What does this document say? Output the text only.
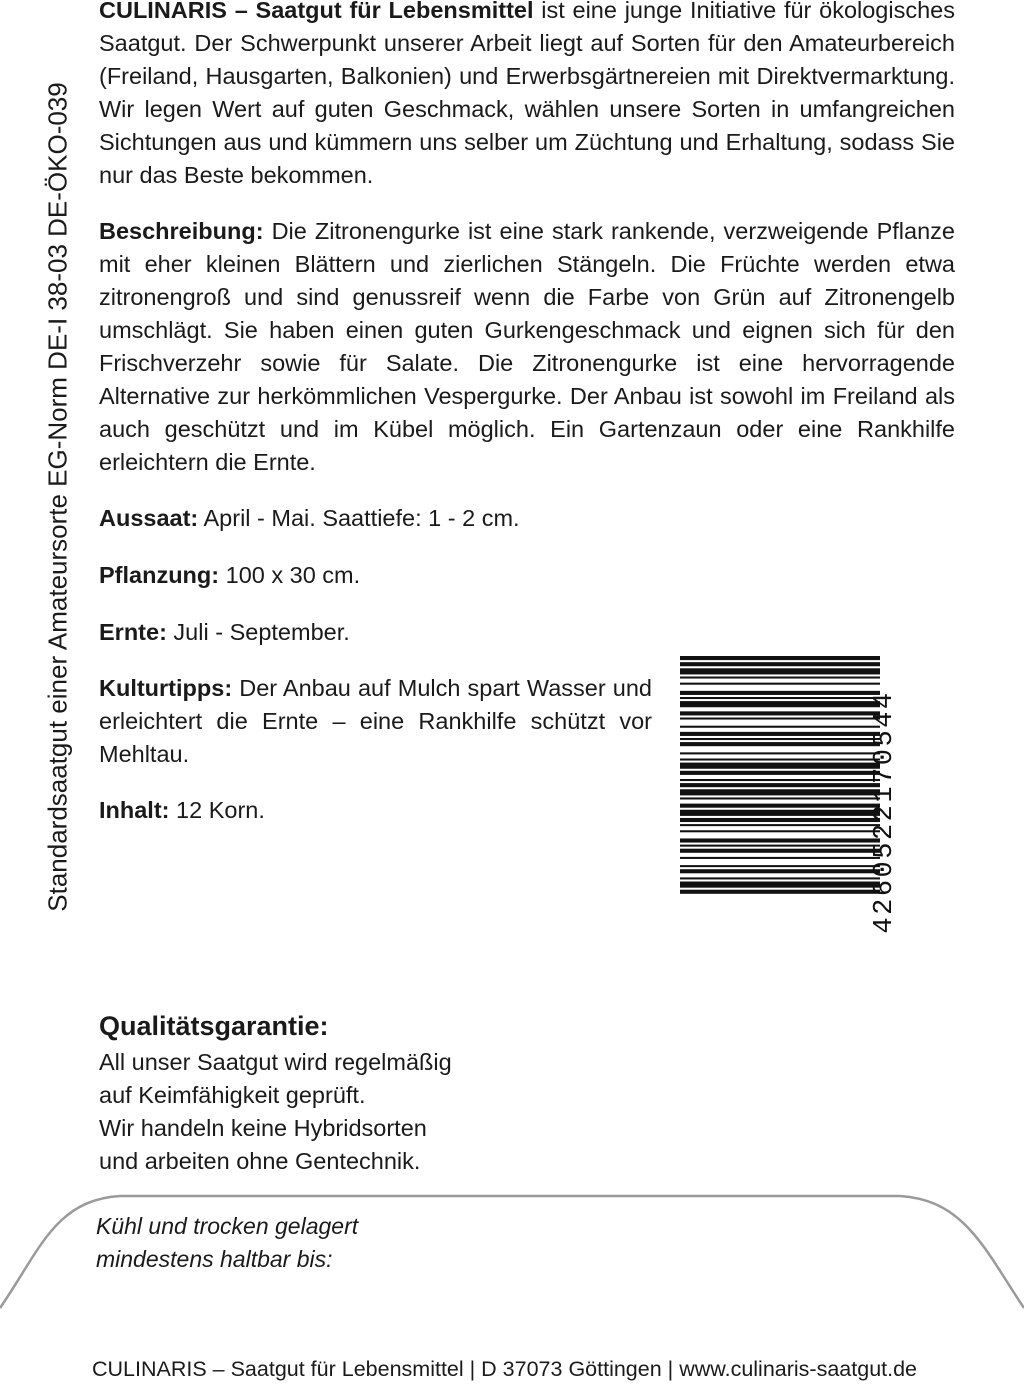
Standardsaatgut einer Amateursorte EG-Norm DE-I 38-03 DE-ÖKO-039

CULINARIS – Saatgut für Lebensmittel ist eine junge Initiative für ökologisches Saatgut. Der Schwerpunkt unserer Arbeit liegt auf Sorten für den Amateurbereich (Freiland, Hausgarten, Balkonien) und Erwerbsgärtnereien mit Direktvermarktung. Wir legen Wert auf guten Geschmack, wählen unsere Sorten in umfangreichen Sichtungen aus und kümmern uns selber um Züchtung und Erhaltung, sodass Sie nur das Beste bekommen.

Beschreibung: Die Zitronengurke ist eine stark rankende, verzweigende Pflanze mit eher kleinen Blättern und zierlichen Stängeln. Die Früchte werden etwa zitronengroß und sind genussreif wenn die Farbe von Grün auf Zitronengelb umschlägt. Sie haben einen guten Gurkengeschmack und eignen sich für den Frischverzehr sowie für Salate. Die Zitronengurke ist eine hervorragende Alternative zur herkömmlichen Vespergurke. Der Anbau ist sowohl im Freiland als auch geschützt und im Kübel möglich. Ein Gartenzaun oder eine Rankhilfe erleichtern die Ernte.

Aussaat: April - Mai. Saattiefe: 1 - 2 cm.
Pflanzung: 100 x 30 cm.
Ernte: Juli - September.

Kulturtipps: Der Anbau auf Mulch spart Wasser und erleichtert die Ernte – eine Rankhilfe schützt vor Mehltau.

Inhalt: 12 Korn.	4260522170544
Qualitätsgarantie:
All unser Saatgut wird regelmäßig
auf Keimfähigkeit geprüft.
Wir handeln keine Hybridsorten
und arbeiten ohne Gentechnik.
Kühl und trocken gelagert
mindestens haltbar bis:
CULINARIS – Saatgut für Lebensmittel | D 37073 Göttingen | www.culinaris-saatgut.de
